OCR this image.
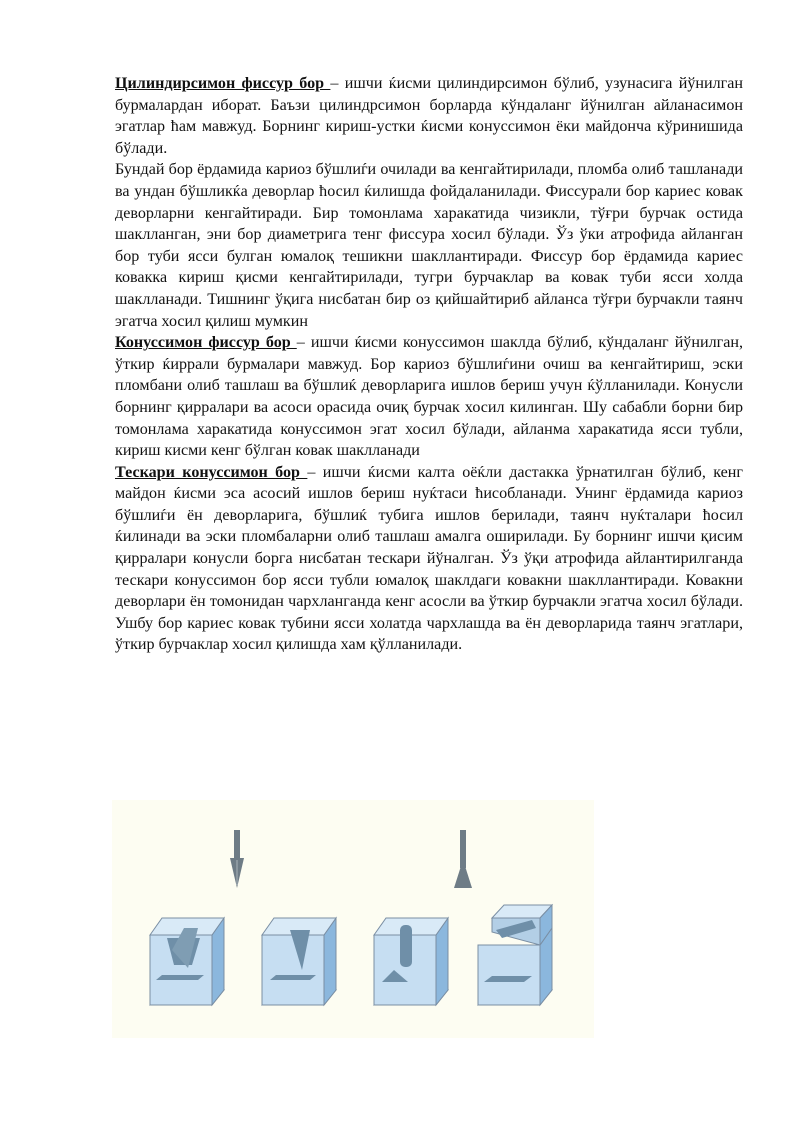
Цилиндирсимон фиссур бор – ишчи ќисми цилиндирсимон бўлиб, узунасига йўнилган бурмалардан иборат. Баъзи цилиндрсимон борларда кўндаланг йўнилган айланасимон эгатлар ћам мавжуд. Борнинг кириш-устки ќисми конуссимон ёки майдонча кўринишида бўлади.

Бундай бор ёрдамида кариоз бўшлиѓи очилади ва кенгайтирилади, пломба олиб ташланади ва ундан бўшликќа деворлар ћосил ќилишда фойдаланилади. Фиссурали бор кариес ковак деворларни кенгайтиради. Бир томонлама харакатида чизикли, тўғри бурчак остида шаклланган, эни бор диаметрига тенг фиссура хосил бўлади. Ўз ўки атрофида айланган бор туби ясси булган юмалоқ тешикни шакллантиради. Фиссур бор ёрдамида кариес ковакка кириш қисми кенгайтирилади, тугри бурчаклар ва ковак туби ясси холда шаклланади. Тишнинг ўқига нисбатан бир оз қийшайтириб айланса тўғри бурчакли таянч эгатча хосил қилиш мумкин

Конуссимон фиссур бор – ишчи ќисми конуссимон шаклда бўлиб, кўндаланг йўнилган, ўткир ќиррали бурмалари мавжуд. Бор кариоз бўшлиѓини очиш ва кенгайтириш, эски пломбани олиб ташлаш ва бўшлиќ деворларига ишлов бериш учун ќўлланилади. Конусли борнинг қирралари ва асоси орасида очиқ бурчак хосил килинган. Шу сабабли борни бир томонлама харакатида конуссимон эгат хосил бўлади, айланма харакатида ясси тубли, кириш кисми кенг бўлган ковак шаклланади

Тескари конуссимон бор – ишчи ќисми калта оёќли дастакка ўрнатилган бўлиб, кенг майдон ќисми эса асосий ишлов бериш нуќтаси ћисобланади. Унинг ёрдамида кариоз бўшлиѓи ён деворларига, бўшлиќ тубига ишлов берилади, таянч нуќталари ћосил ќилинади ва эски пломбаларни олиб ташлаш амалга оширилади. Бу борнинг ишчи қисим қирралари конусли борга нисбатан тескари йўналган. Ўз ўқи атрофида айлантирилганда тескари конуссимон бор ясси тубли юмалоқ шаклдаги ковакни шакллантиради. Ковакни деворлари ён томонидан чархланганда кенг асосли ва ўткир бурчакли эгатча хосил бўлади. Ушбу бор кариес ковак тубини ясси холатда чархлашда ва ён деворларида таянч эгатлари, ўткир бурчаклар хосил қилишда хам қўлланилади.
